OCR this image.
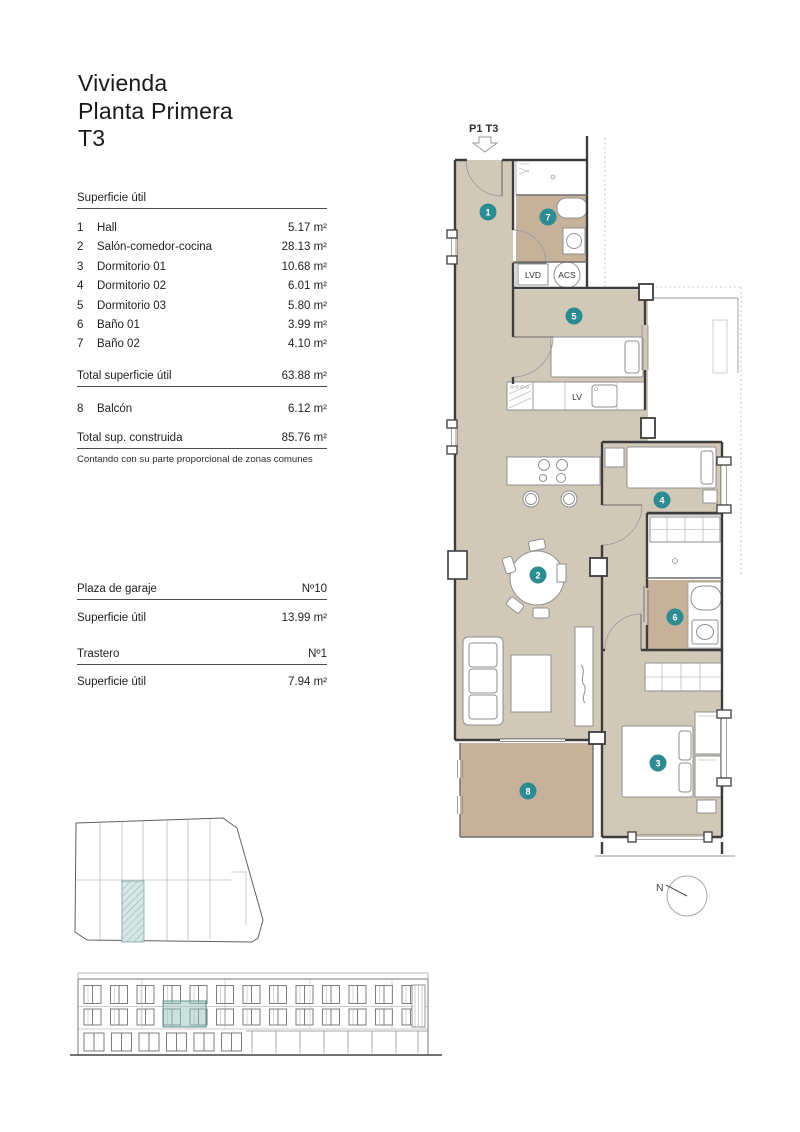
Vivienda
Planta Primera
T3
Superficie útil
1	Hall	5.17 m²
2	Salón-comedor-cocina	28.13 m²
3	Dormitorio 01	10.68 m²
4	Dormitorio 02	6.01 m²
5	Dormitorio 03	5.80 m²
6	Baño 01	3.99 m²
7	Baño 02	4.10 m²
Total superficie útil	63.88 m²
8	Balcón	6.12 m²
Total sup. construida	85.76 m²
Contando con su parte proporcional de zonas comunes
Plaza de garaje	Nº10
Superficie útil	13.99 m²
Trastero	Nº1
Superficie útil	7.94 m²
P1 T3
LVD ACS
LV
1
2
3
4
5
6
7
8
N
